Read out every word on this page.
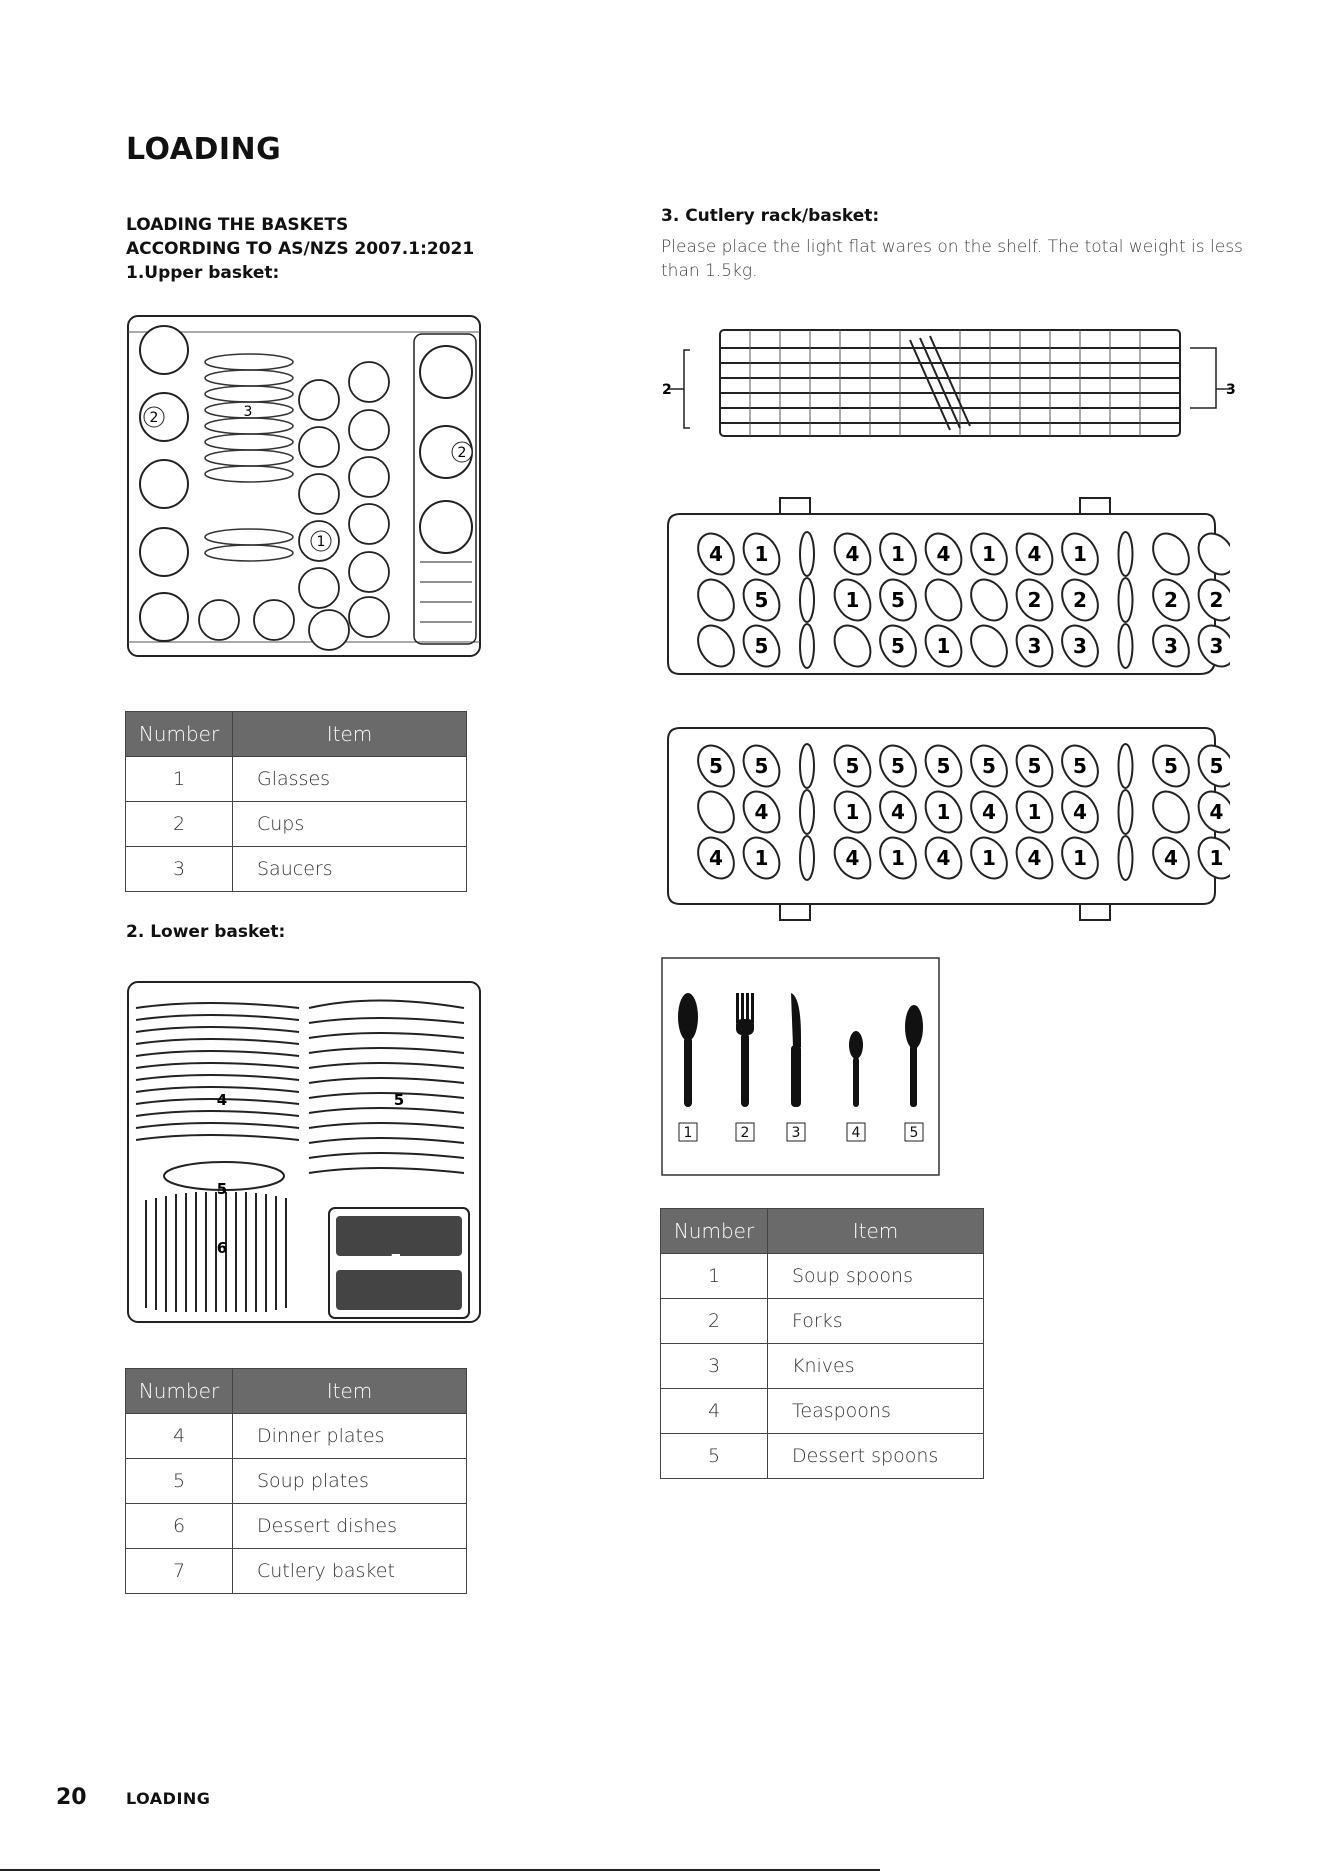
LOADING
LOADING THE BASKETS
ACCORDING TO AS/NZS 2007.1:2021
1.Upper basket:
2. Lower basket:
3. Cutlery rack/basket:
Please place the light flat wares on the shelf. The total weight is less than 1.5kg.
2	3
2
1
Number	Item
1	Glasses
2	Cups
3	Saucers
4	5
5
6
7
Number	Item
4	Dinner plates
5	Soup plates
6	Dessert dishes
7	Cutlery basket
2	3
4 1	4 1 4 1 4 1
5	1 5	2 2	2 2
5	5 1	3 3	3 3
5 5	5 5 5 5 5 5	5 5
4	1 4 1 4 1 4	4
4 1	4 1 4 1 4 1	4 1
1	2	3	4	5
Number	Item
1	Soup spoons
2	Forks
3	Knives
4	Teaspoons
5	Dessert spoons
20 LOADING
